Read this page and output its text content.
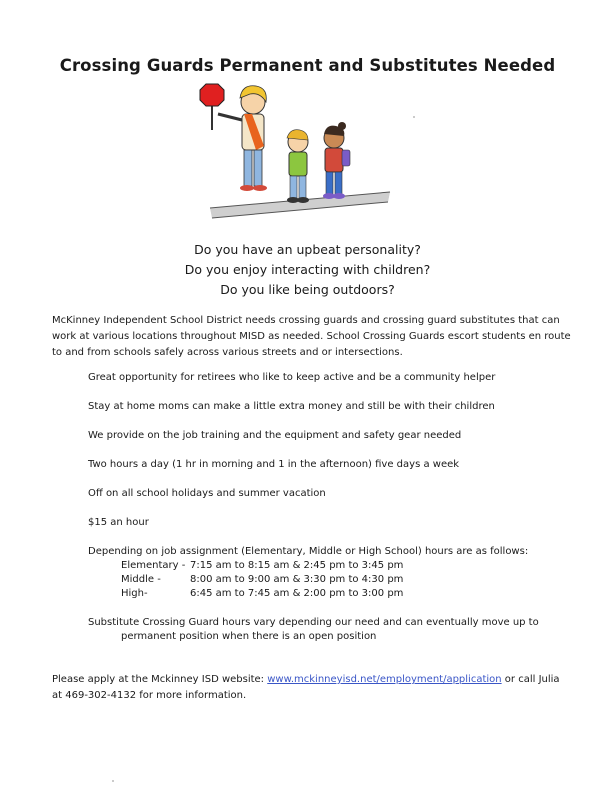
Crossing Guards Permanent and Substitutes Needed
Do you have an upbeat personality?
Do you enjoy interacting with children?
Do you like being outdoors?
McKinney Independent School District needs crossing guards and crossing guard substitutes that can work at various locations throughout MISD as needed. School Crossing Guards escort students en route to and from schools safely across various streets and or intersections.
Great opportunity for retirees who like to keep active and be a community helper
Stay at home moms can make a little extra money and still be with their children
We provide on the job training and the equipment and safety gear needed
Two hours a day (1 hr in morning and 1 in the afternoon) five days a week
Off on all school holidays and summer vacation
$15 an hour
Depending on job assignment (Elementary, Middle or High School) hours are as follows:
Elementary - 7:15 am to 8:15 am & 2:45 pm to 3:45 pm
Middle -	8:00 am to 9:00 am & 3:30 pm to 4:30 pm
High-	6:45 am to 7:45 am & 2:00 pm to 3:00 pm
Substitute Crossing Guard hours vary depending our need and can eventually move up to
permanent position when there is an open position
Please apply at the Mckinney ISD website: www.mckinneyisd.net/employment/application or call Julia at 469-302-4132 for more information.
